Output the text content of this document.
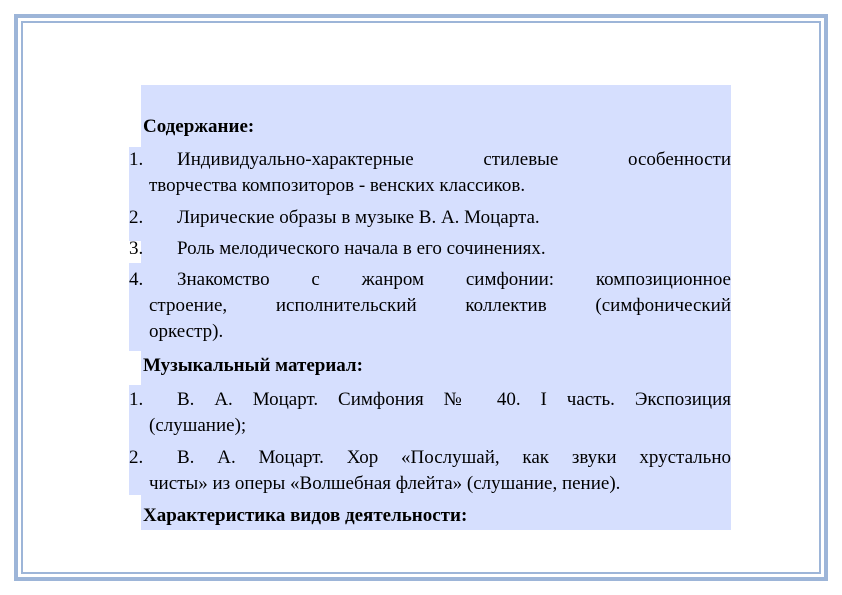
Содержание:
1. Индивидуально-характерные стилевые особенности
творчества композиторов - венских классиков.
2. Лирические образы в музыке В. А. Моцарта.
3. Роль мелодического начала в его сочинениях.
4. Знакомство с жанром симфонии: композиционное
строение, исполнительский коллектив (симфонический
оркестр).
Музыкальный материал:
1. В. А. Моцарт. Симфония № 40. I часть. Экспозиция
(слушание);
2. В. А. Моцарт. Хор «Послушай, как звуки хрустально
чисты» из оперы «Волшебная флейта» (слушание, пение).
Характеристика видов деятельности:
